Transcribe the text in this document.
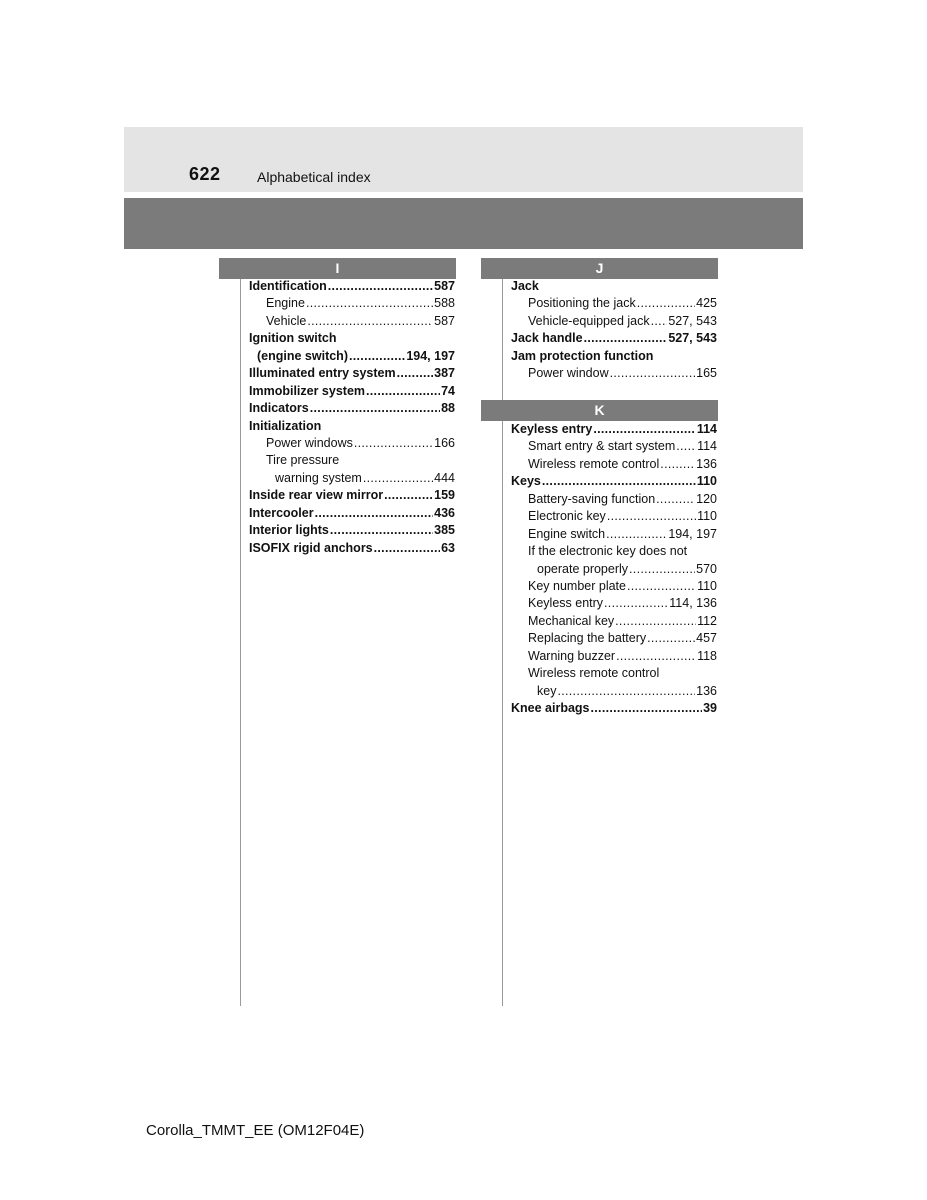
622	Alphabetical index
I
Identification .....	587
Engine .....	588
Vehicle .....	587
Ignition switch
(engine switch) .....	194, 197
Illuminated entry system .....	387
Immobilizer system .....	74
Indicators .....	88
Initialization
Power windows .....	166
Tire pressure
warning system .....	444
Inside rear view mirror .....	159
Intercooler .....	436
Interior lights .....	385
ISOFIX rigid anchors .....	63
J
Jack
Positioning the jack .....	425
Vehicle-equipped jack ..... 527, 543
Jack handle .....	527, 543
Jam protection function
Power window .....	165
K
Keyless entry .....	114
Smart entry & start system ..... 114
Wireless remote control .....	136
Keys .....	110
Battery-saving function .....	120
Electronic key .....	110
Engine switch .....	194, 197
If the electronic key does not
operate properly .....	570
Key number plate .....	110
Keyless entry .....	114, 136
Mechanical key .....	112
Replacing the battery .....	457
Warning buzzer .....	118
Wireless remote control
key .....	136
Knee airbags .....	39
Corolla_TMMT_EE (OM12F04E)
